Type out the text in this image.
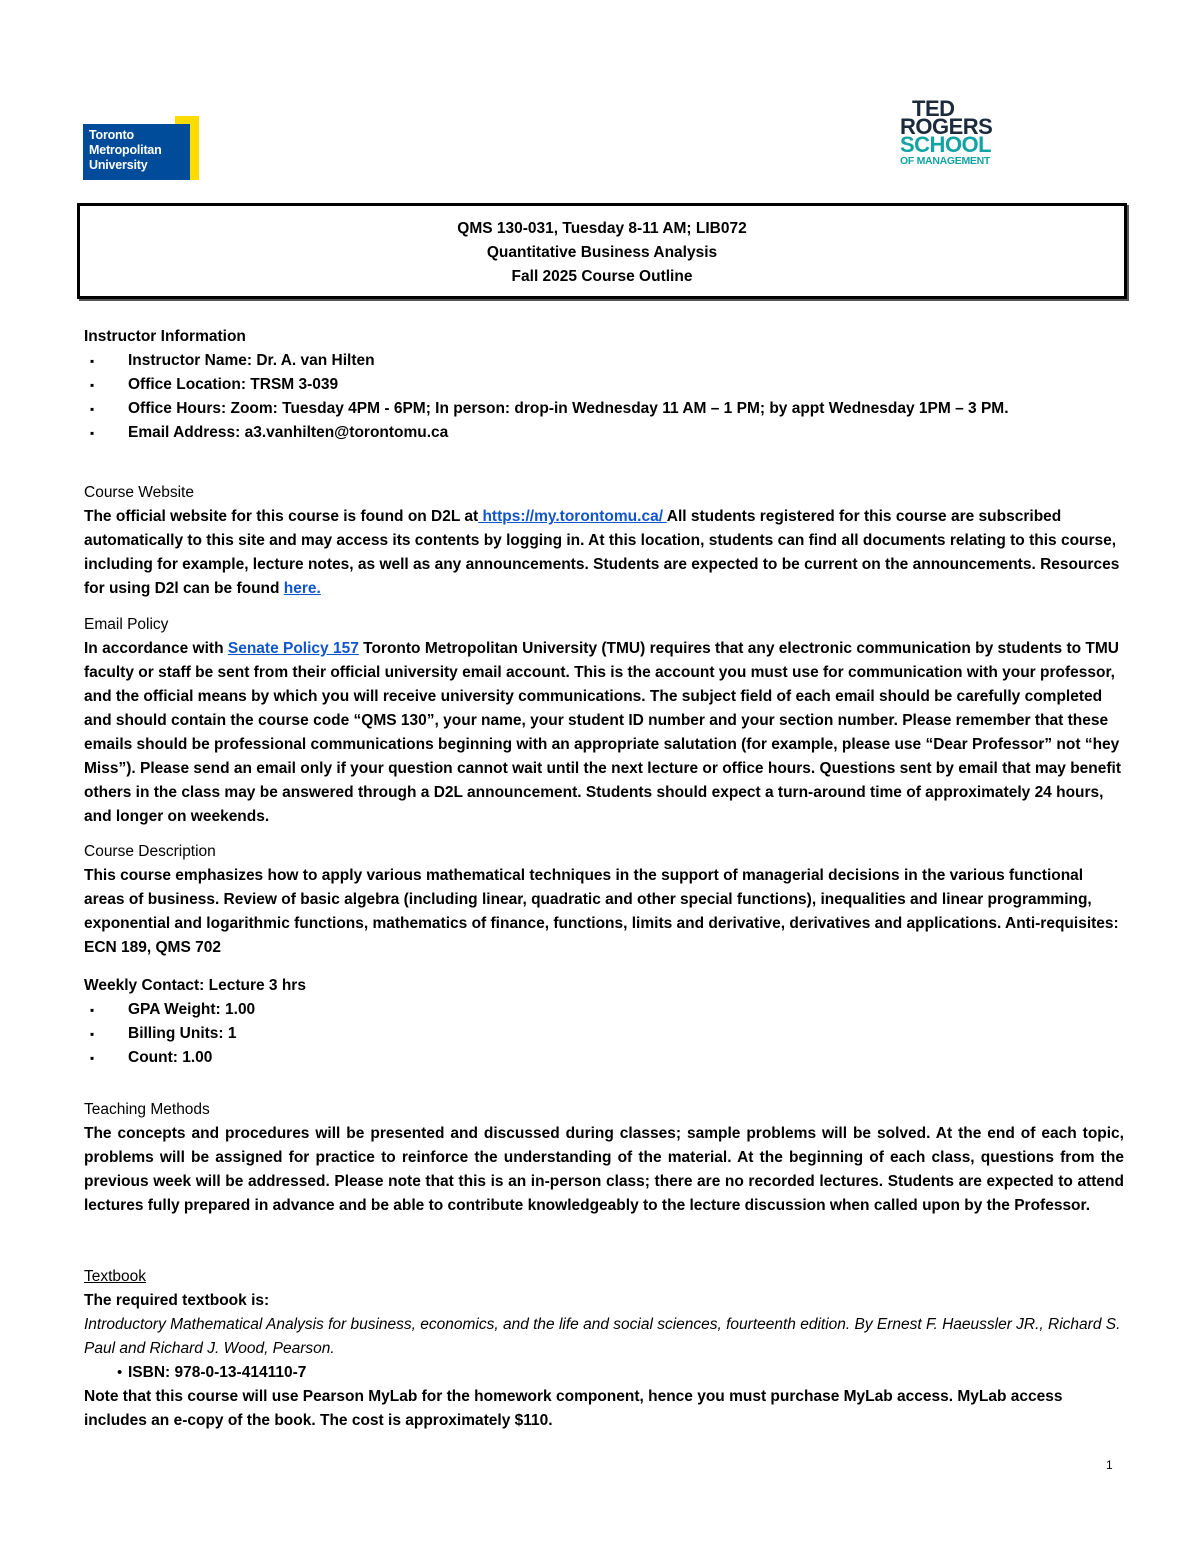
Toronto
Metropolitan
University
TED
ROGERS
SCHOOL
OF MANAGEMENT
QMS 130-031, Tuesday 8-11 AM; LIB072
Quantitative Business Analysis
Fall 2025 Course Outline
Instructor Information
▪ Instructor Name: Dr. A. van Hilten
▪ Office Location: TRSM 3-039
▪ Office Hours: Zoom: Tuesday 4PM - 6PM; In person: drop-in Wednesday 11 AM – 1 PM; by appt Wednesday 1PM – 3 PM.
▪ Email Address: a3.vanhilten@torontomu.ca
Course Website
The official website for this course is found on D2L at https://my.torontomu.ca/ All students registered for this course are subscribed automatically to this site and may access its contents by logging in. At this location, students can find all documents relating to this course, including for example, lecture notes, as well as any announcements. Students are expected to be current on the announcements. Resources for using D2l can be found here.
Email Policy
In accordance with Senate Policy 157 Toronto Metropolitan University (TMU) requires that any electronic communication by students to TMU faculty or staff be sent from their official university email account. This is the account you must use for communication with your professor, and the official means by which you will receive university communications. The subject field of each email should be carefully completed and should contain the course code “QMS 130”, your name, your student ID number and your section number. Please remember that these emails should be professional communications beginning with an appropriate salutation (for example, please use “Dear Professor” not “hey Miss”). Please send an email only if your question cannot wait until the next lecture or office hours. Questions sent by email that may benefit others in the class may be answered through a D2L announcement. Students should expect a turn-around time of approximately 24 hours, and longer on weekends.
Course Description
This course emphasizes how to apply various mathematical techniques in the support of managerial decisions in the various functional areas of business. Review of basic algebra (including linear, quadratic and other special functions), inequalities and linear programming, exponential and logarithmic functions, mathematics of finance, functions, limits and derivative, derivatives and applications. Anti-requisites: ECN 189, QMS 702
Weekly Contact: Lecture 3 hrs
▪ GPA Weight: 1.00
▪ Billing Units: 1
▪ Count: 1.00
Teaching Methods
The concepts and procedures will be presented and discussed during classes; sample problems will be solved. At the end of each topic, problems will be assigned for practice to reinforce the understanding of the material. At the beginning of each class, questions from the previous week will be addressed. Please note that this is an in-person class; there are no recorded lectures. Students are expected to attend lectures fully prepared in advance and be able to contribute knowledgeably to the lecture discussion when called upon by the Professor.
Textbook
The required textbook is:
Introductory Mathematical Analysis for business, economics, and the life and social sciences, fourteenth edition. By Ernest F. Haeussler JR., Richard S. Paul and Richard J. Wood, Pearson.
• ISBN: 978-0-13-414110-7
Note that this course will use Pearson MyLab for the homework component, hence you must purchase MyLab access. MyLab access includes an e-copy of the book. The cost is approximately $110.
1
